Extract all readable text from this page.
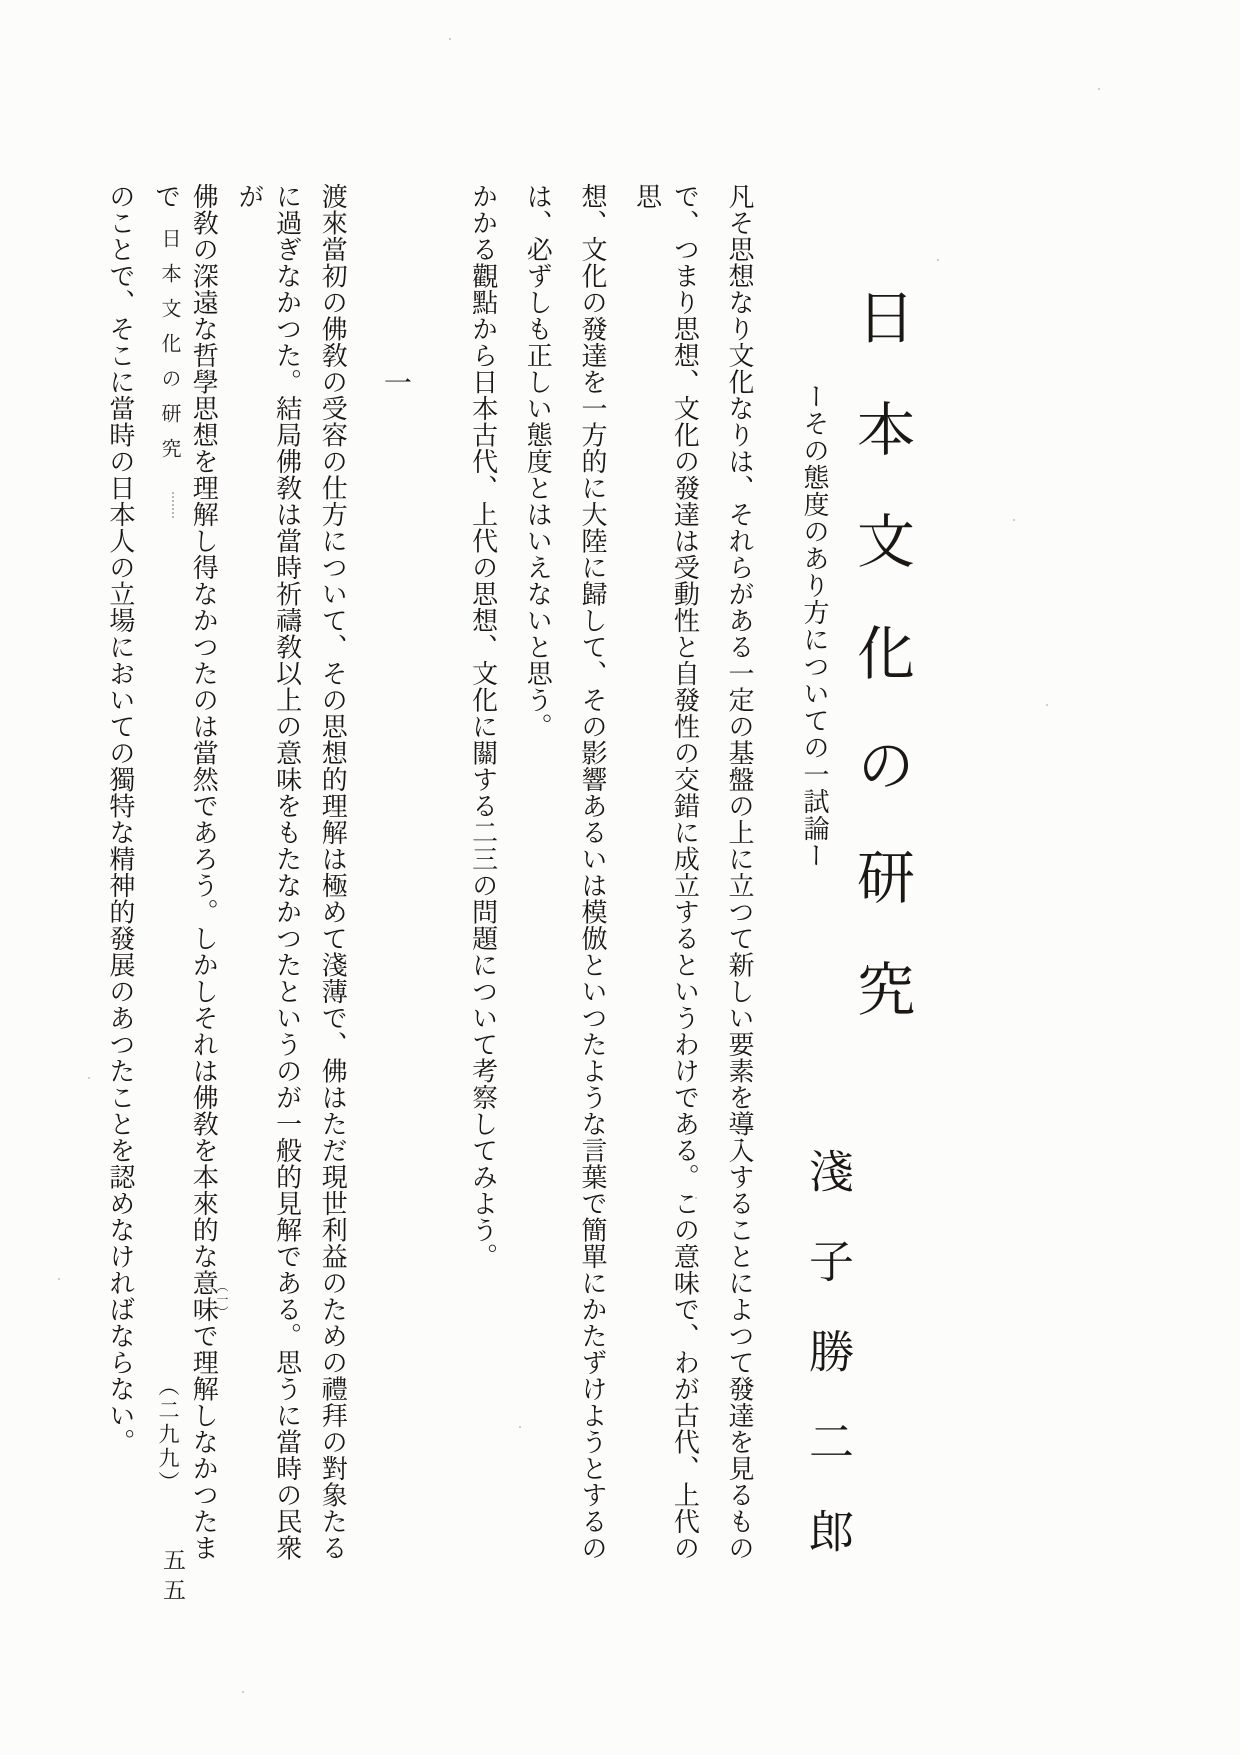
日本文化の研究
（二九九）
五五
日本文化の研究
ーその態度のあり方についての一試論ー
淺子勝二郎
凡そ思想なり文化なりは、それらがある一定の基盤の上に立つて新しい要素を導入することによつて發達を見るもの
で、つまり思想、文化の發達は受動性と自發性の交錯に成立するというわけである。この意味で、わが古代、上代の思
想、文化の發達を一方的に大陸に歸して、その影響あるいは模倣といつたような言葉で簡單にかたずけようとするの
は、必ずしも正しい態度とはいえないと思う。
かかる觀點から日本古代、上代の思想、文化に關する二三の問題について考察してみよう。
一
渡來當初の佛敎の受容の仕方について、その思想的理解は極めて淺薄で、佛はただ現世利益のための禮拜の對象たる
に過ぎなかつた。結局佛敎は當時祈禱敎以上の意味をもたなかつたというのが一般的見解である。思うに當時の民衆が
佛敎の深遠な哲學思想を理解し得なかつたのは當然であろう。しかしそれは佛敎を本來的な意味で理解しなかつたまで
のことで、そこに當時の日本人の立場においての獨特な精神的發展のあつたことを認めなければならない。	（一）
